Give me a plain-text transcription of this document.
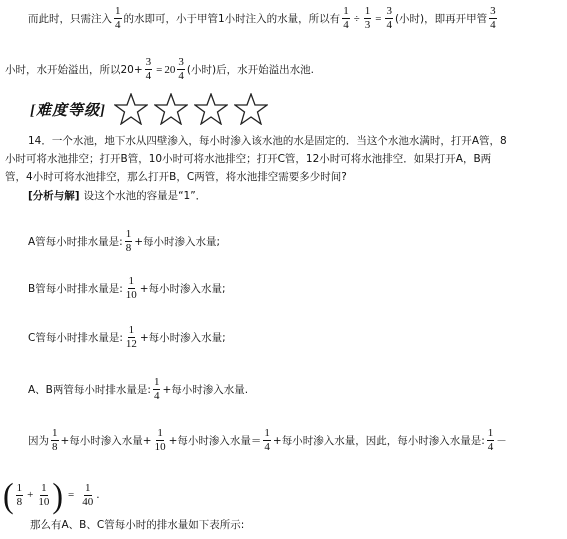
而此时，只需注入 $\frac{1}{4}$ 的水即可，小于甲管1小时注入的水量，所以有 $\frac{1}{4} \div \frac{1}{3} = \frac{3}{4}$ (小时)，即再开甲管 $\frac{3}{4}$
小时，水开始溢出，所以$20+ \frac{3}{4} = 20 \frac{3}{4}$ (小时)后，水开始溢出水池.
[难度等级]
14．一个水池，地下水从四壁渗入，每小时渗入该水池的水是固定的．当这个水池水满时，打开A管，8
小时可将水池排空；打开B管，10小时可将水池排空；打开C管，12小时可将水池排空．如果打开A，B两
管，4小时可将水池排空，那么打开B，C两管，将水池排空需要多少时间?
[分析与解] 设这个水池的容量是“1”．
A管每小时排水量是: $\frac{1}{8}$ +每小时渗入水量;
B管每小时排水量是: $\frac{1}{10}$ +每小时渗入水量;
C管每小时排水量是: $\frac{1}{12}$ +每小时渗入水量;
A、B两管每小时排水量是: $\frac{1}{4}$ +每小时渗入水量.
因为 $\frac{1}{8}$ +每小时渗入水量+ $\frac{1}{10}$ +每小时渗入水量＝ $\frac{1}{4}$ +每小时渗入水量，因此，每小时渗入水量是: $\frac{1}{4}$ －
( $\frac{1}{8} + \frac{1}{10}$ ) = $\frac{1}{40}$ .
那么有A、B、C管每小时的排水量如下表所示:
